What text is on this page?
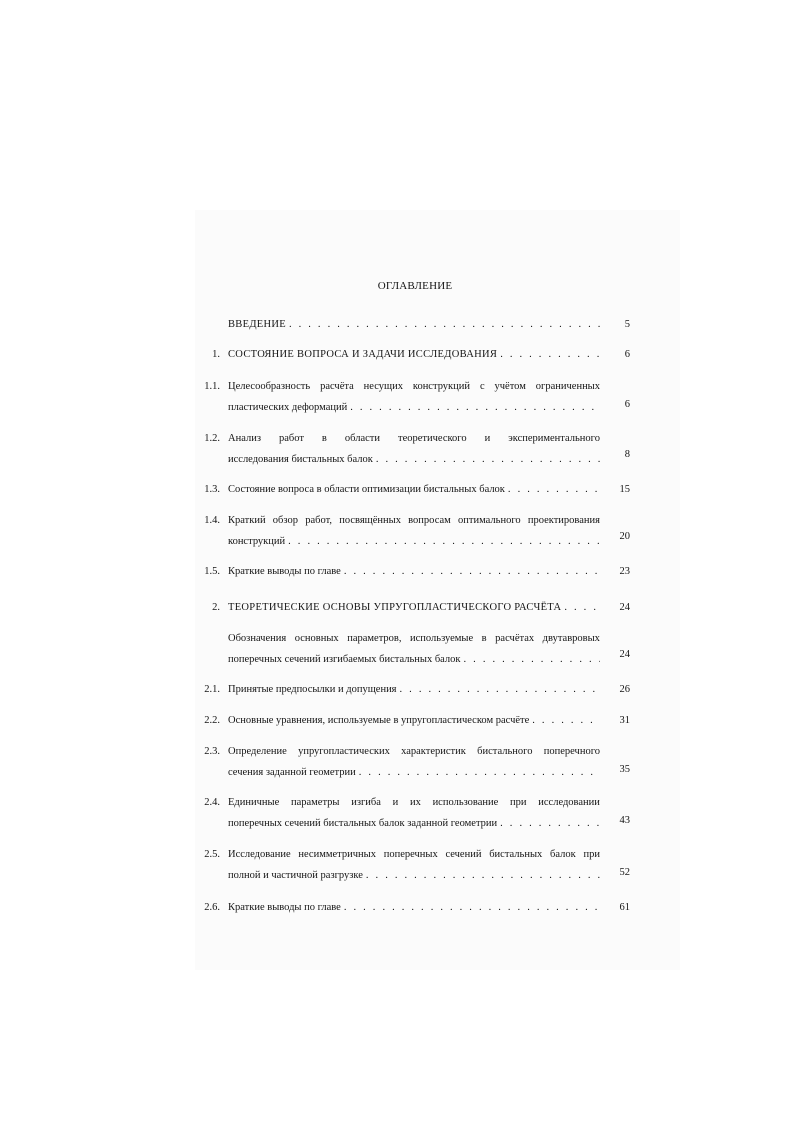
ОГЛАВЛЕНИЕ
ВВЕДЕНИЕ . . .	5
1. СОСТОЯНИЕ ВОПРОСА И ЗАДАЧИ ИССЛЕДОВАНИЯ . . .	6
1.1. Целесообразность расчёта несущих конструкций с учётом ограниченных
пластических деформаций . . .	6
1.2. Анализ работ в области теоретического и экспериментального
исследования бистальных балок . . .	8
1.3. Состояние вопроса в области оптимизации бистальных балок . . .	15
1.4. Краткий обзор работ, посвящённых вопросам оптимального проектирования
конструкций . . .	20
1.5. Краткие выводы по главе . . .	23
2. ТЕОРЕТИЧЕСКИЕ ОСНОВЫ УПРУГОПЛАСТИЧЕСКОГО РАСЧЁТА . . .	24
Обозначения основных параметров, используемые в расчётах двутавровых
поперечных сечений изгибаемых бистальных балок . . .	24
2.1. Принятые предпосылки и допущения . . .	26
2.2. Основные уравнения, используемые в упругопластическом расчёте . . .	31
2.3. Определение упругопластических характеристик бистального поперечного
сечения заданной геометрии . . .	35
2.4. Единичные параметры изгиба и их использование при исследовании
поперечных сечений бистальных балок заданной геометрии . . .	43
2.5. Исследование несимметричных поперечных сечений бистальных балок при
полной и частичной разгрузке . . .	52
2.6. Краткие выводы по главе . . .	61
